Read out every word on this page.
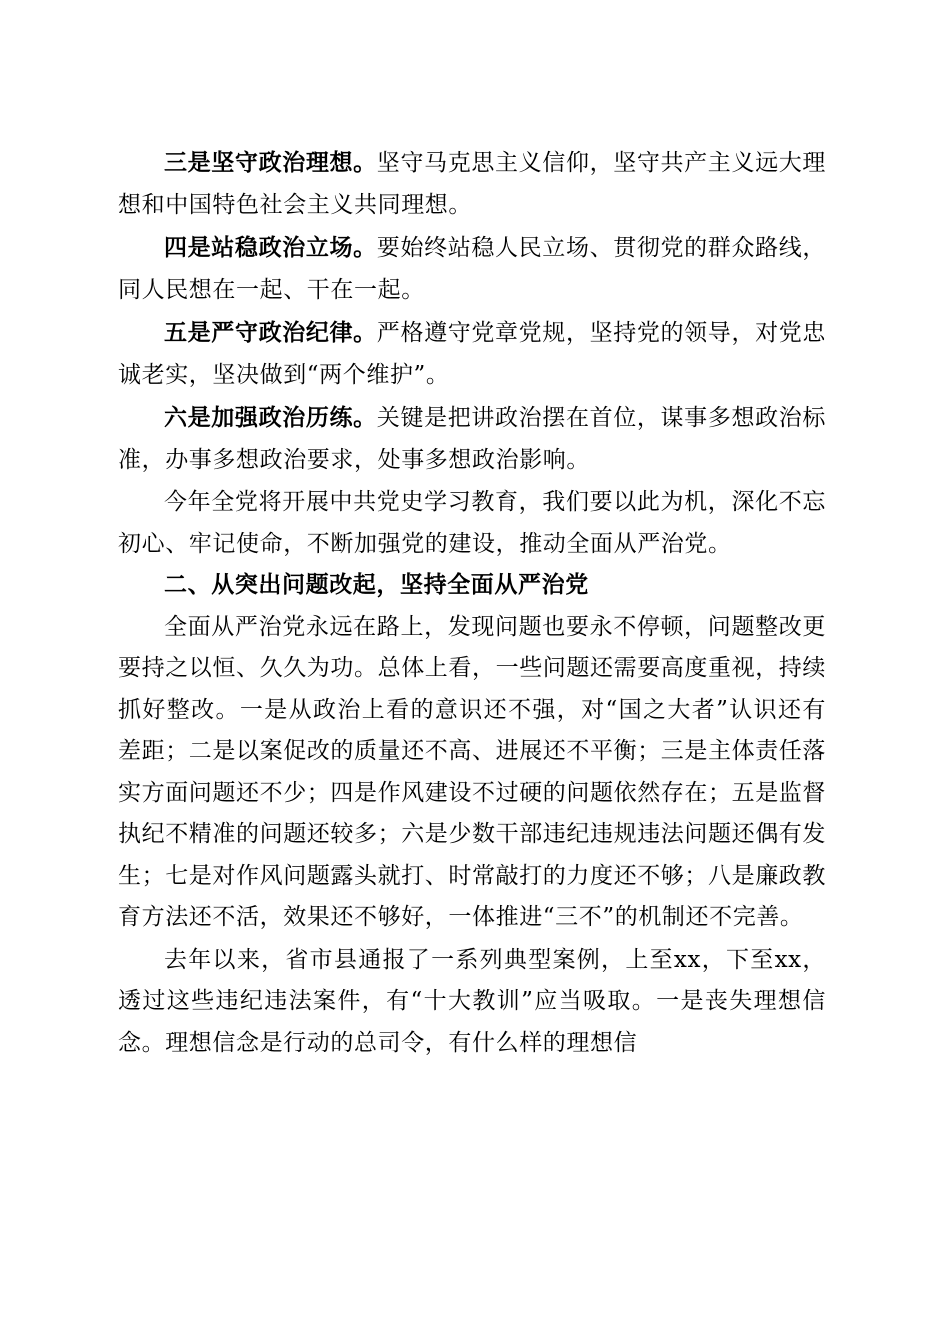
三是坚守政治理想。坚守马克思主义信仰，坚守共产主义远大理想和中国特色社会主义共同理想。

四是站稳政治立场。要始终站稳人民立场、贯彻党的群众路线，同人民想在一起、干在一起。

五是严守政治纪律。严格遵守党章党规，坚持党的领导，对党忠诚老实，坚决做到“两个维护”。

六是加强政治历练。关键是把讲政治摆在首位，谋事多想政治标准，办事多想政治要求，处事多想政治影响。

今年全党将开展中共党史学习教育，我们要以此为机，深化不忘初心、牢记使命，不断加强党的建设，推动全面从严治党。

二、从突出问题改起，坚持全面从严治党

全面从严治党永远在路上，发现问题也要永不停顿，问题整改更要持之以恒、久久为功。总体上看，一些问题还需要高度重视，持续抓好整改。一是从政治上看的意识还不强，对“国之大者”认识还有差距；二是以案促改的质量还不高、进展还不平衡；三是主体责任落实方面问题还不少；四是作风建设不过硬的问题依然存在；五是监督执纪不精准的问题还较多；六是少数干部违纪违规违法问题还偶有发生；七是对作风问题露头就打、时常敲打的力度还不够；八是廉政教育方法还不活，效果还不够好，一体推进“三不”的机制还不完善。

去年以来，省市县通报了一系列典型案例，上至xx，下至xx，透过这些违纪违法案件，有“十大教训”应当吸取。一是丧失理想信念。理想信念是行动的总司令，有什么样的理想信
